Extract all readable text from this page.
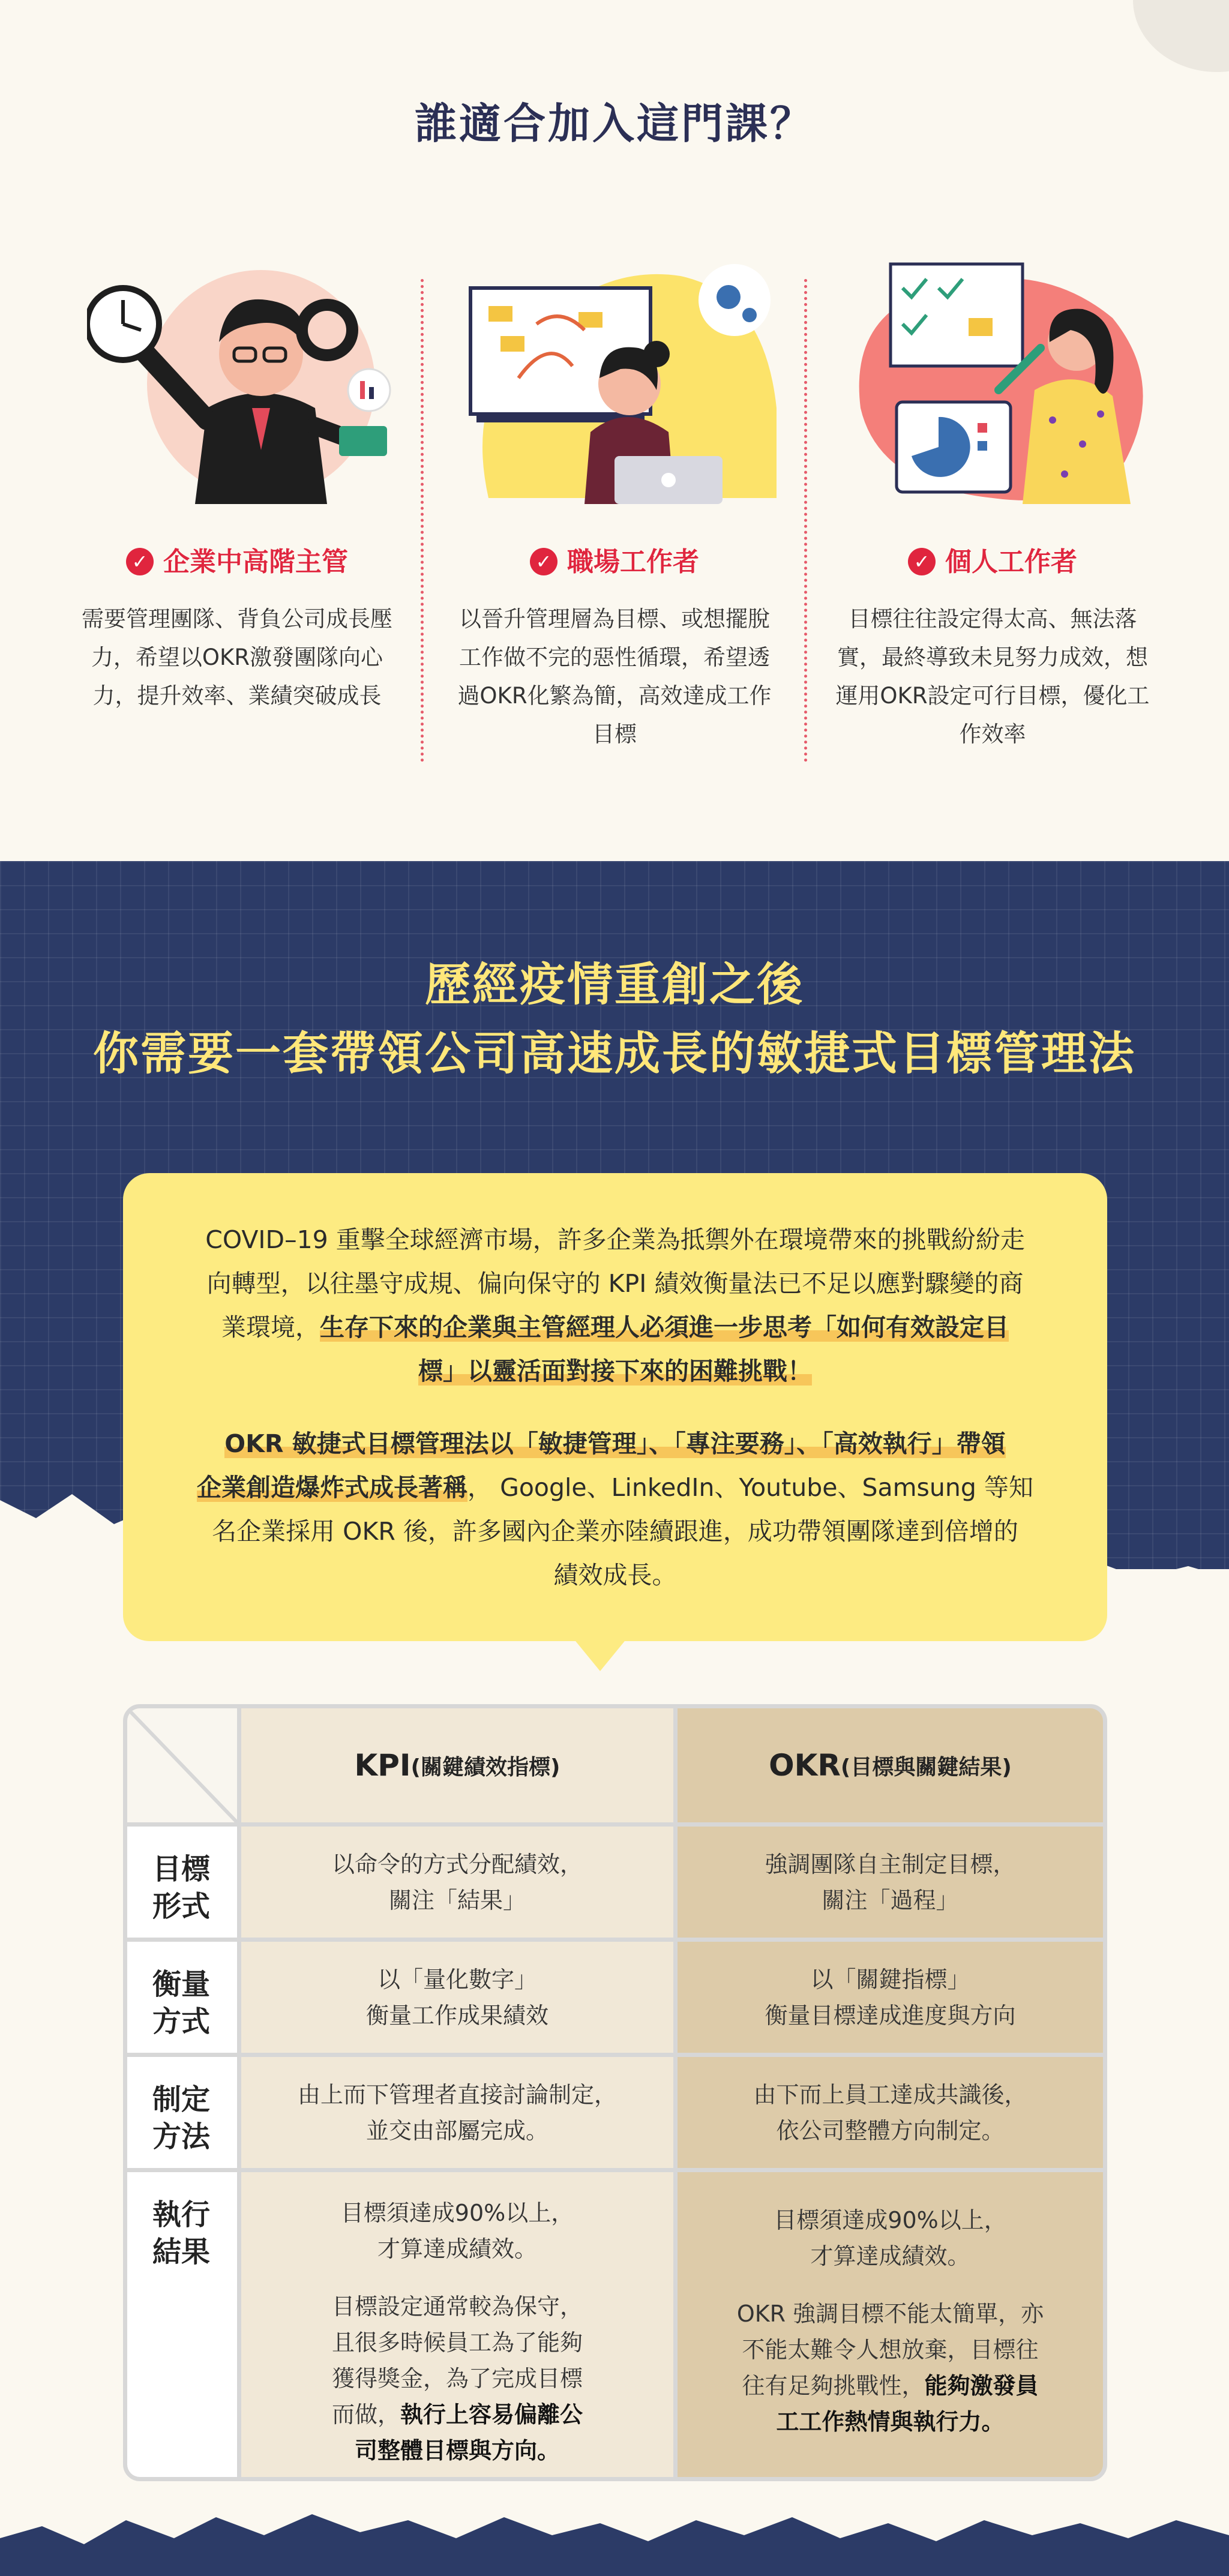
誰適合加入這門課？
✓ 企業中高階主管
需要管理團隊、背負公司成長壓
力，希望以OKR激發團隊向心
力，提升效率、業績突破成長
✓ 職場工作者
以晉升管理層為目標、或想擺脫
工作做不完的惡性循環，希望透
過OKR化繁為簡，高效達成工作
目標
✓ 個人工作者
目標往往設定得太高、無法落
實，最終導致未見努力成效，想
運用OKR設定可行目標，優化工
作效率
歷經疫情重創之後
你需要一套帶領公司高速成長的敏捷式目標管理法
COVID–19 重擊全球經濟市場，許多企業為抵禦外在環境帶來的挑戰紛紛走
向轉型，以往墨守成規、偏向保守的 KPI 績效衡量法已不足以應對驟變的商
業環境，生存下來的企業與主管經理人必須進一步思考「如何有效設定目
標」以靈活面對接下來的困難挑戰！
OKR 敏捷式目標管理法以「敏捷管理」、「專注要務」、「高效執行」帶領
企業創造爆炸式成長著稱， Google、LinkedIn、Youtube、Samsung 等知
名企業採用 OKR 後，許多國內企業亦陸續跟進，成功帶領團隊達到倍增的
績效成長。
KPI (關鍵績效指標)	OKR (目標與關鍵結果)
目標
形式
以命令的方式分配績效，
關注「結果」
強調團隊自主制定目標，
關注「過程」
衡量
方式
以「量化數字」
衡量工作成果績效
以「關鍵指標」
衡量目標達成進度與方向
制定
方法
由上而下管理者直接討論制定，
並交由部屬完成。
由下而上員工達成共識後，
依公司整體方向制定。
執行
結果
目標須達成90%以上，
才算達成績效。
目標設定通常較為保守，
且很多時候員工為了能夠
獲得獎金，為了完成目標
而做，執行上容易偏離公
司整體目標與方向。
目標須達成90%以上，
才算達成績效。
OKR 強調目標不能太簡單，亦
不能太難令人想放棄，目標往
往有足夠挑戰性，能夠激發員
工工作熱情與執行力。
